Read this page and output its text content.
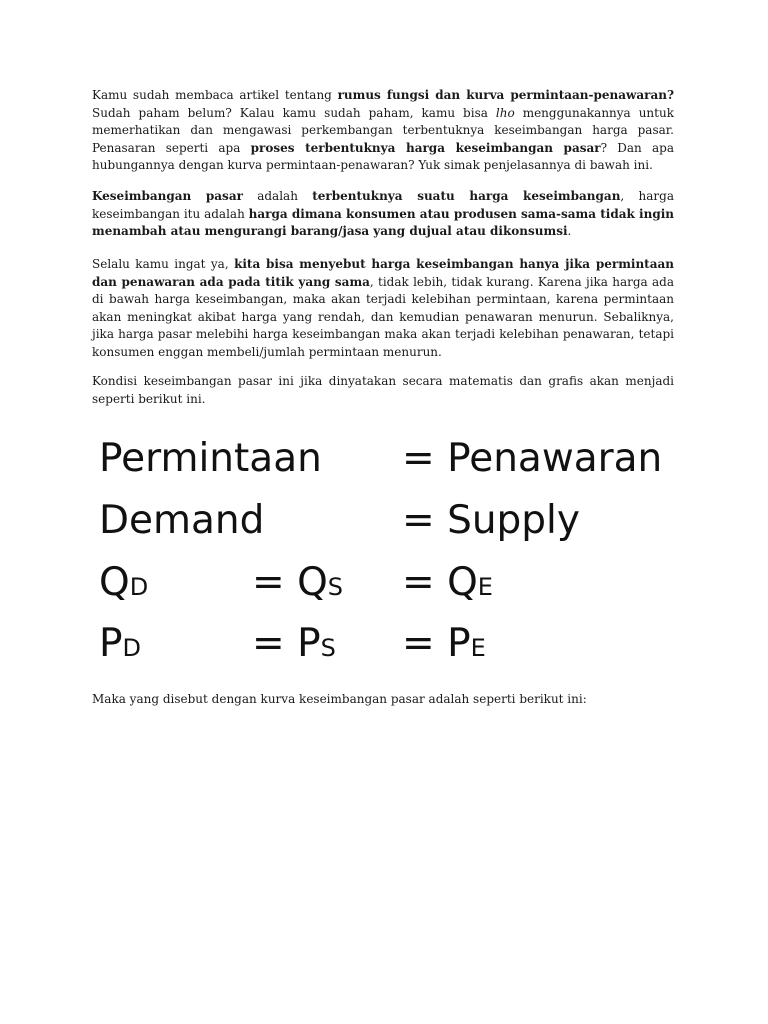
Kamu sudah membaca artikel tentang rumus fungsi dan kurva permintaan-penawaran?
Sudah paham belum? Kalau kamu sudah paham, kamu bisa lho menggunakannya untuk
memerhatikan dan mengawasi perkembangan terbentuknya keseimbangan harga pasar.
Penasaran seperti apa proses terbentuknya harga keseimbangan pasar? Dan apa
hubungannya dengan kurva permintaan-penawaran? Yuk simak penjelasannya di bawah ini.
Keseimbangan pasar adalah terbentuknya suatu harga keseimbangan, harga
keseimbangan itu adalah harga dimana konsumen atau produsen sama-sama tidak ingin
menambah atau mengurangi barang/jasa yang dujual atau dikonsumsi.
Selalu kamu ingat ya, kita bisa menyebut harga keseimbangan hanya jika permintaan
dan penawaran ada pada titik yang sama, tidak lebih, tidak kurang. Karena jika harga ada
di bawah harga keseimbangan, maka akan terjadi kelebihan permintaan, karena permintaan
akan meningkat akibat harga yang rendah, dan kemudian penawaran menurun. Sebaliknya,
jika harga pasar melebihi harga keseimbangan maka akan terjadi kelebihan penawaran, tetapi
konsumen enggan membeli/jumlah permintaan menurun.
Kondisi keseimbangan pasar ini jika dinyatakan secara matematis dan grafis akan menjadi
seperti berikut ini.
Permintaan = Penawaran
Demand	= Supply
QD	= QS = QE
PD	= PS = PE
Maka yang disebut dengan kurva keseimbangan pasar adalah seperti berikut ini:
